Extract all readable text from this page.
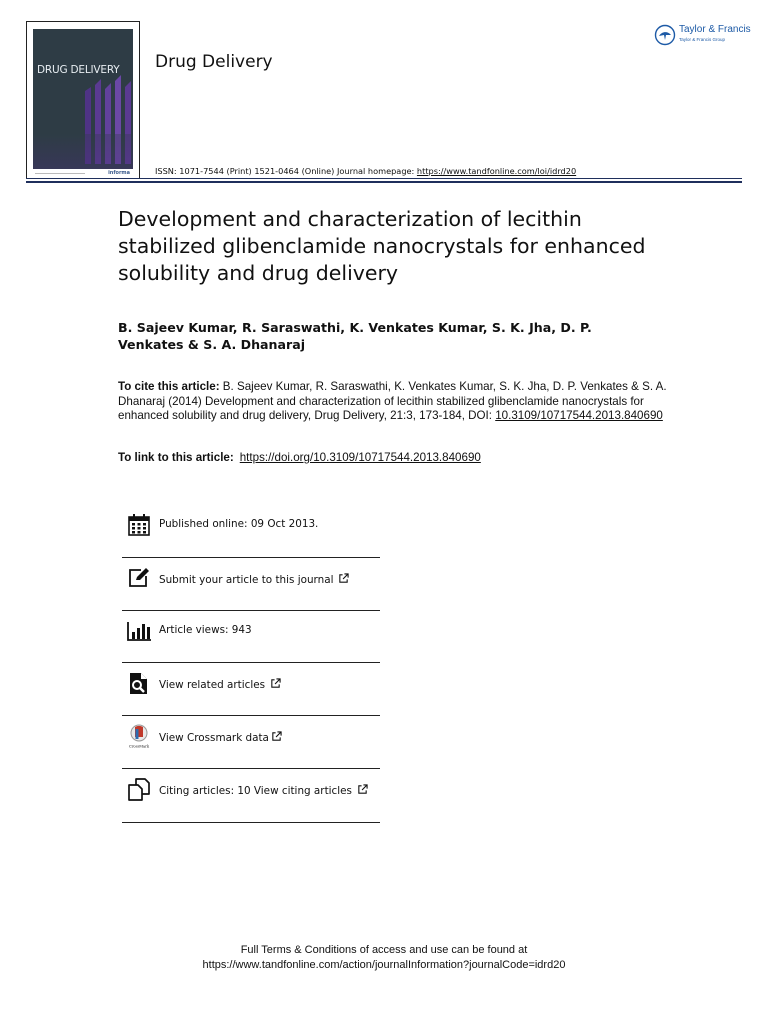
DRUG DELIVERY
informa
Drug Delivery
Taylor & Francis
Taylor & Francis Group
ISSN: 1071-7544 (Print) 1521-0464 (Online) Journal homepage: https://www.tandfonline.com/loi/idrd20
Development and characterization of lecithin stabilized glibenclamide nanocrystals for enhanced solubility and drug delivery
B. Sajeev Kumar, R. Saraswathi, K. Venkates Kumar, S. K. Jha, D. P. Venkates & S. A. Dhanaraj
To cite this article: B. Sajeev Kumar, R. Saraswathi, K. Venkates Kumar, S. K. Jha, D. P. Venkates & S. A. Dhanaraj (2014) Development and characterization of lecithin stabilized glibenclamide nanocrystals for enhanced solubility and drug delivery, Drug Delivery, 21:3, 173-184, DOI: 10.3109/10717544.2013.840690
To link to this article: https://doi.org/10.3109/10717544.2013.840690
Published online: 09 Oct 2013.
Submit your article to this journal
Article views: 943
View related articles
CrossMark
View Crossmark data
Citing articles: 10 View citing articles
Full Terms & Conditions of access and use can be found at
https://www.tandfonline.com/action/journalInformation?journalCode=idrd20
